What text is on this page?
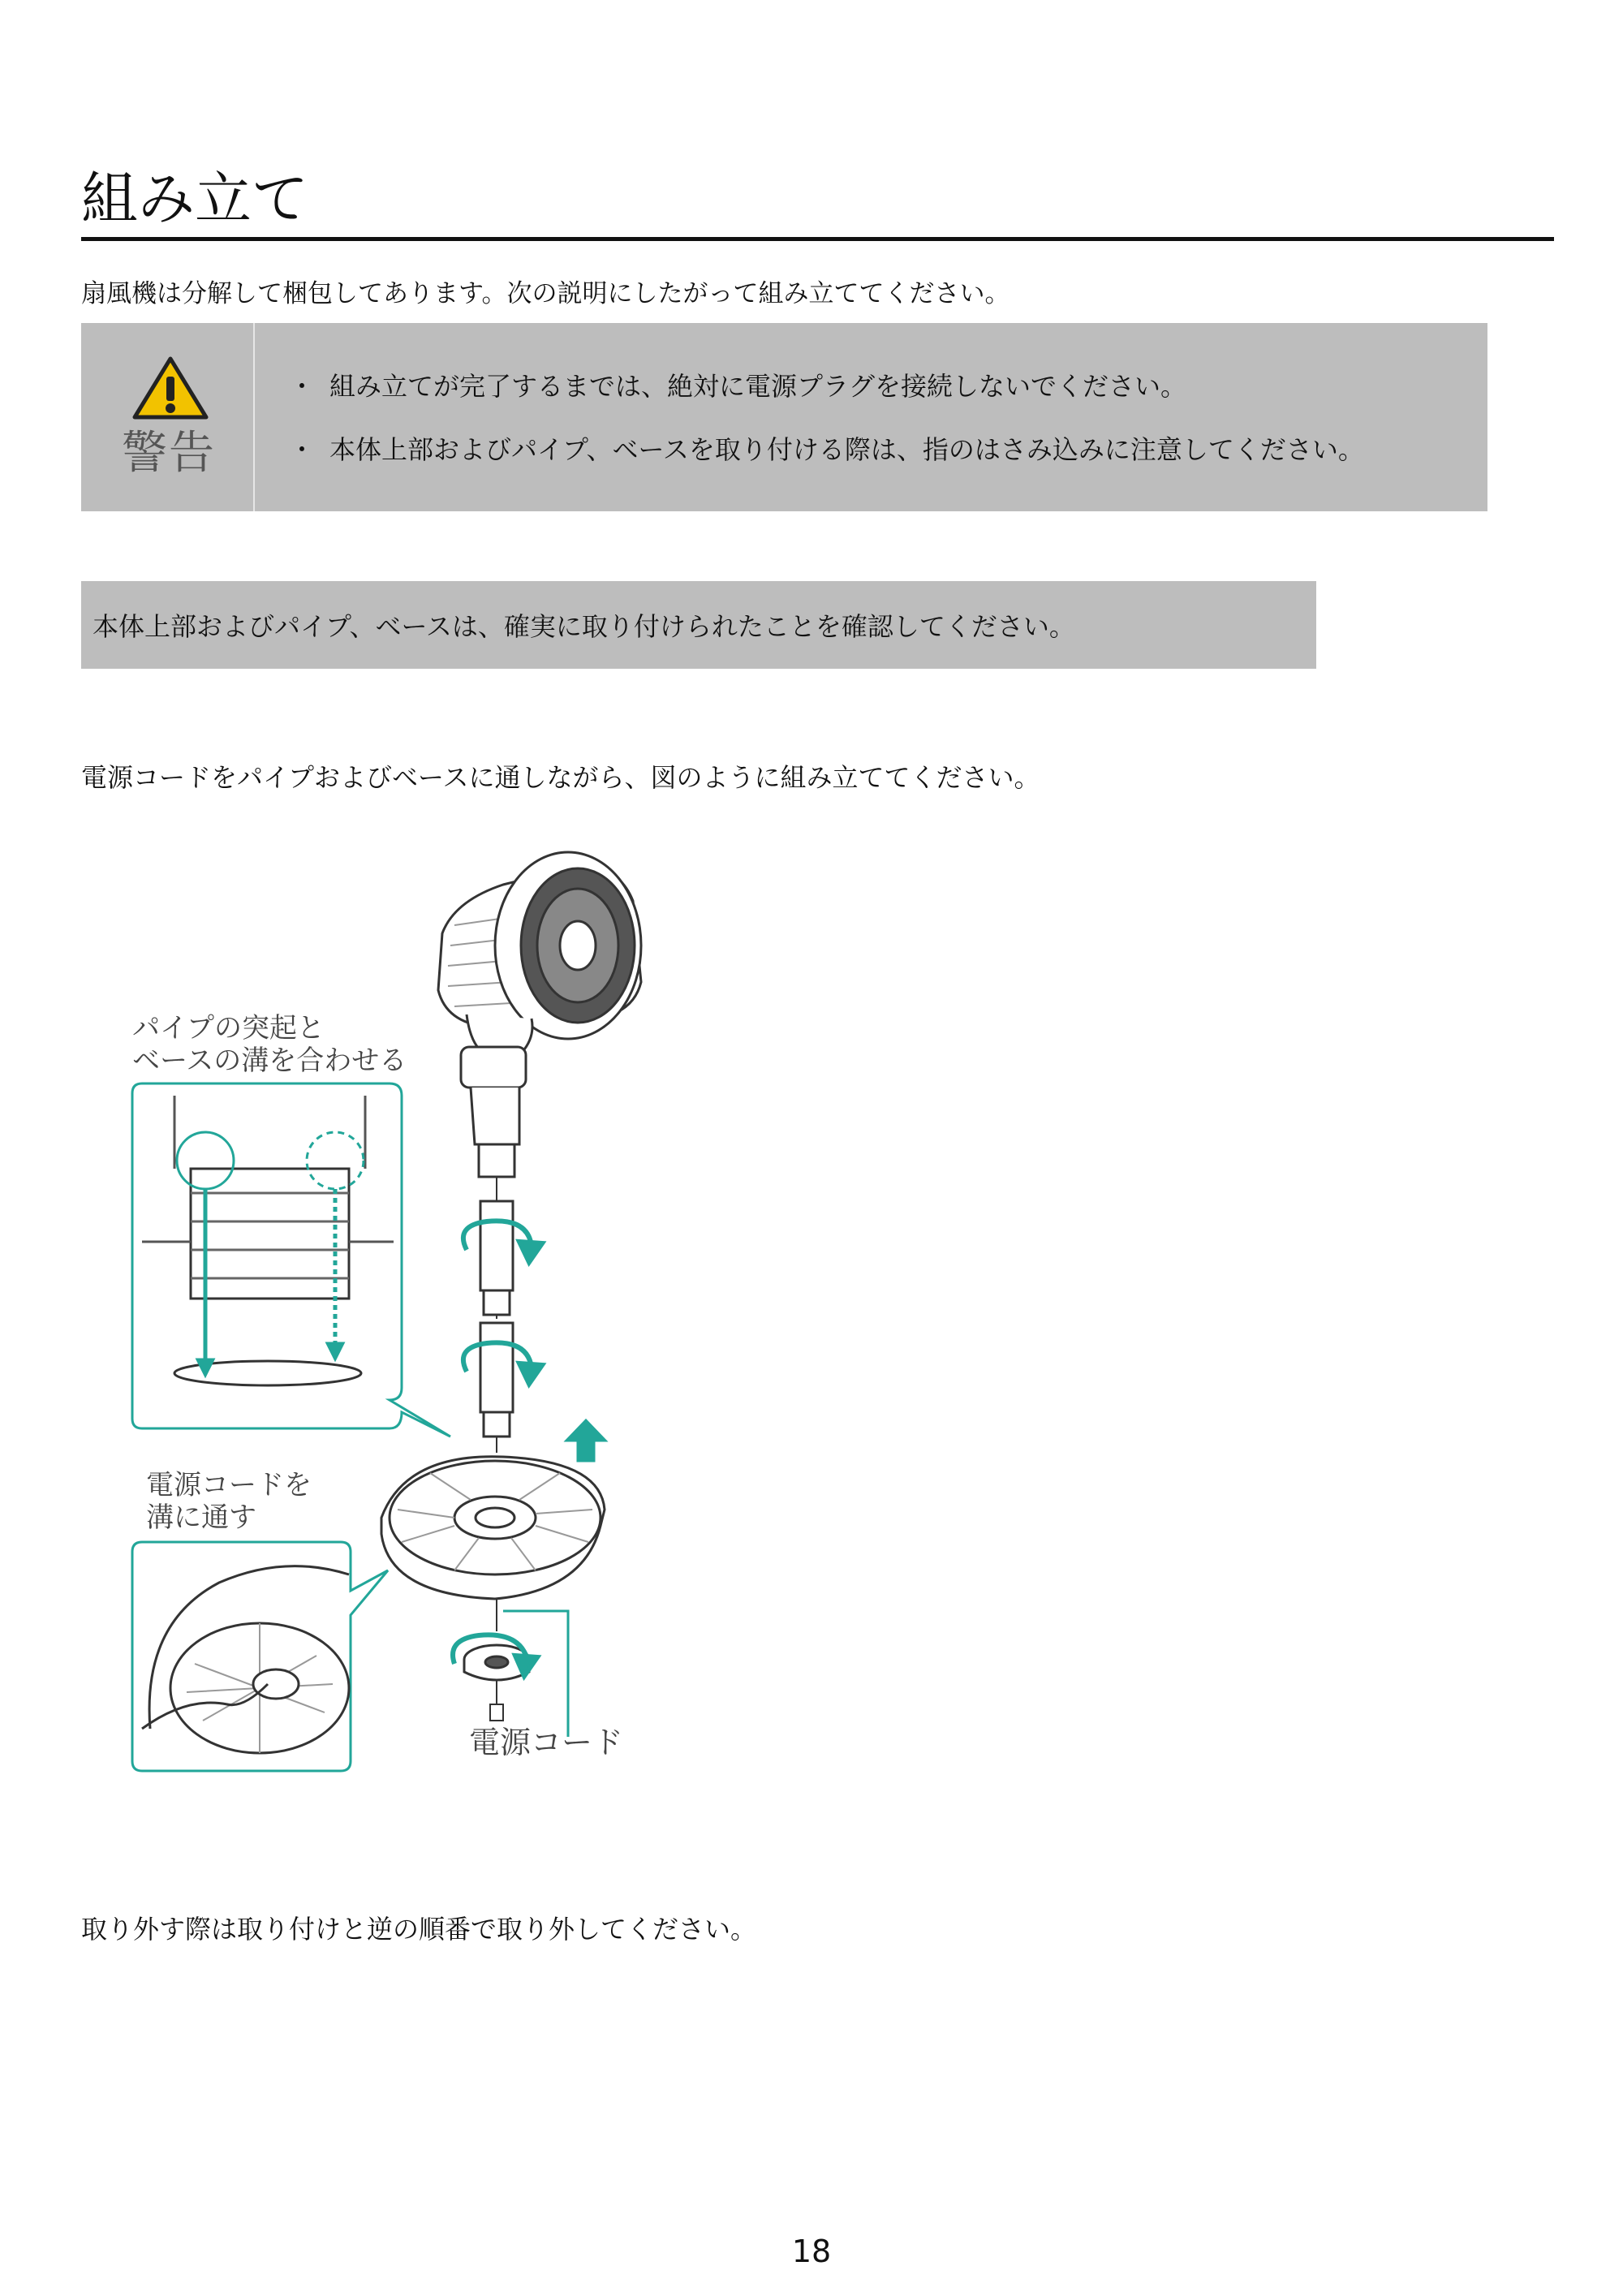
組み立て
扇風機は分解して梱包してあります。次の説明にしたがって組み立ててください。
警告
・ 組み立てが完了するまでは、絶対に電源プラグを接続しないでください。
・ 本体上部およびパイプ、ベースを取り付ける際は、指のはさみ込みに注意してください。
本体上部およびパイプ、ベースは、確実に取り付けられたことを確認してください。
電源コードをパイプおよびベースに通しながら、図のように組み立ててください。
パイプの突起と
ベースの溝を合わせる
電源コードを
溝に通す
電源コード
取り外す際は取り付けと逆の順番で取り外してください。
18
